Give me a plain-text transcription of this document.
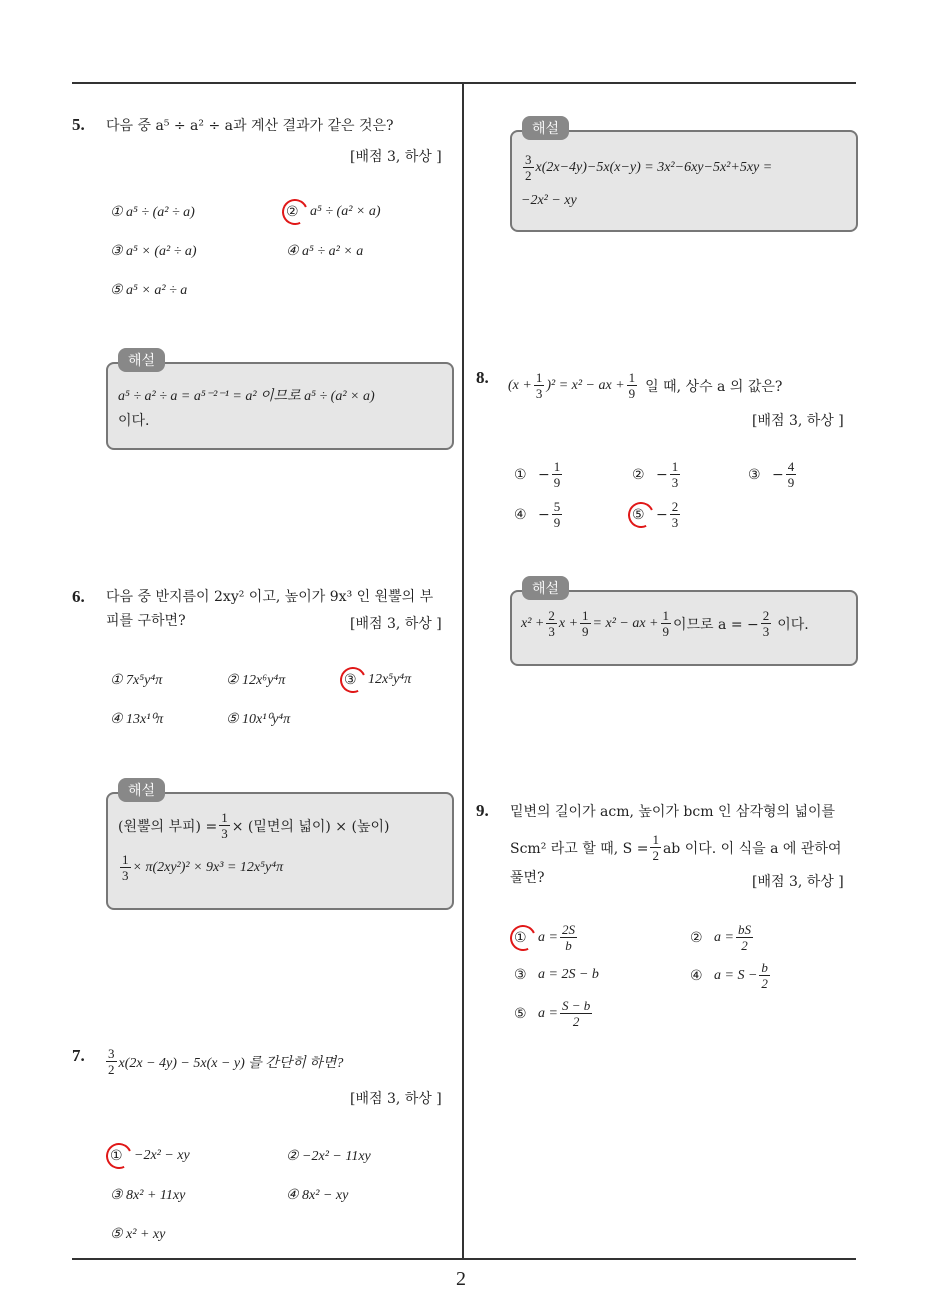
2
5. 다음 중 a⁵ ÷ a² ÷ a과 계산 결과가 같은 것은?
[배점 3, 하상 ]
① a⁵ ÷ (a² ÷ a)	② a⁵ ÷ (a² × a)
③ a⁵ × (a² ÷ a)	④ a⁵ ÷ a² × a
⑤ a⁵ × a² ÷ a
해설
a⁵ ÷ a² ÷ a = a⁵⁻²⁻¹ = a² 이므로 a⁵ ÷ (a² × a)
이다.
6. 다음 중 반지름이 2xy² 이고, 높이가 9x³ 인 원뿔의 부
피를 구하면?	[배점 3, 하상 ]
① 7x⁵y⁴π	② 12x⁶y⁴π	③ 12x⁵y⁴π
④ 13x¹⁰π	⑤ 10x¹⁰y⁴π
해설
(원뿔의 부피) = $\frac{1}{3}$ × (밑면의 넓이) × (높이)
$\frac{1}{3} \times \pi(2xy^2)^2 \times 9x^3 = 12x^5y^4\pi$
7. $\frac{3}{2} x(2x - 4y) - 5x(x - y)$ 를 간단히 하면?
[배점 3, 하상 ]
① −2x² − xy	② −2x² − 11xy
③ 8x² + 11xy	④ 8x² − xy
⑤ x² + xy
해설
$\frac{3}{2} x(2x-4y)-5x(x-y) = 3x^2-6xy-5x^2+5xy$ =
−2x² − xy
8. $(x + \frac{1}{3} )^2 = x^2$ − ax + $\frac{1}{9}$ 일 때, 상수 a 의 값은?
[배점 3, 하상 ]
① − $\frac{1}{9}$	② − $\frac{1}{3}$	③ − $\frac{4}{9}$
④ − $\frac{5}{9}$	⑤ − $\frac{2}{3}$
해설
$x^2 + \frac{2}{3}$ $x + \frac{1}{9} = x^2$ − ax + $\frac{1}{9}$ 이므로 a = − $\frac{2}{3}$ 이다.
9. 밑변의 길이가 acm, 높이가 bcm 인 삼각형의 넓이를
Scm² 라고 할 때, $S = \frac{1}{2}$ ab 이다. 이 식을 a 에 관하여
풀면?	[배점 3, 하상 ]
① $a = \frac{2S}{b}$	② $a = \frac{bS}{2}$
③ a = 2S − b	④ $a = S - \frac{b}{2}$
⑤ $a = \frac{S - b}{2}$
